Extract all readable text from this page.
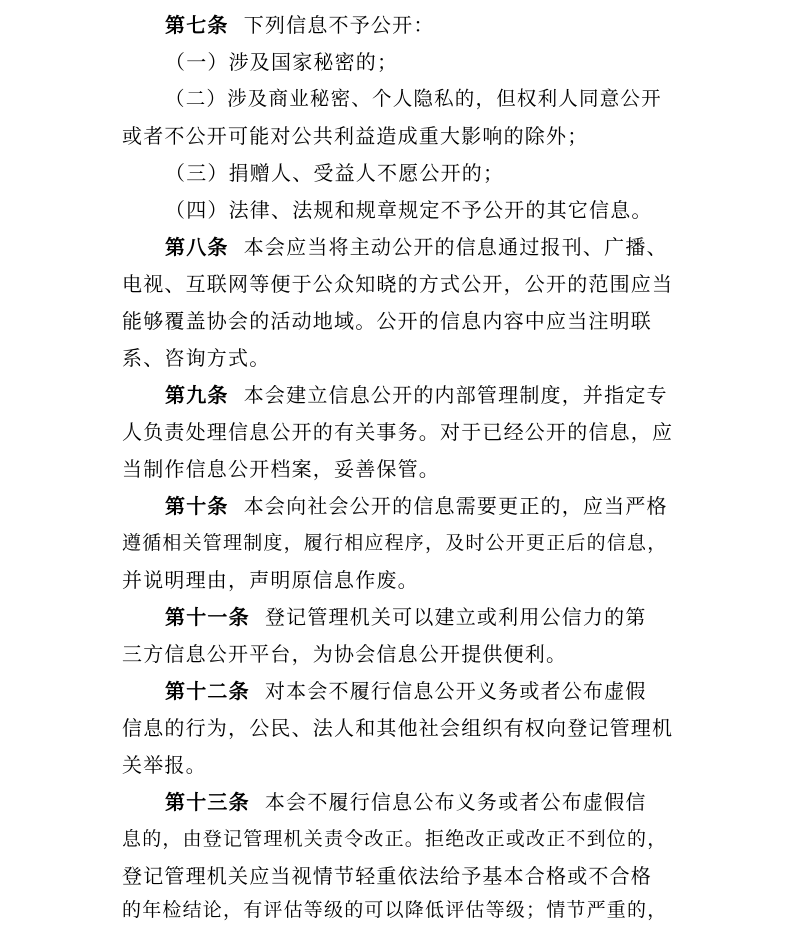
第七条  下列信息不予公开：

（一）涉及国家秘密的；

（二）涉及商业秘密、个人隐私的，但权利人同意公开

或者不公开可能对公共利益造成重大影响的除外；

（三）捐赠人、受益人不愿公开的；

（四）法律、法规和规章规定不予公开的其它信息。

第八条  本会应当将主动公开的信息通过报刊、广播、

电视、互联网等便于公众知晓的方式公开，公开的范围应当

能够覆盖协会的活动地域。公开的信息内容中应当注明联

系、咨询方式。

第九条  本会建立信息公开的内部管理制度，并指定专

人负责处理信息公开的有关事务。对于已经公开的信息，应

当制作信息公开档案，妥善保管。

第十条  本会向社会公开的信息需要更正的，应当严格

遵循相关管理制度，履行相应程序，及时公开更正后的信息，

并说明理由，声明原信息作废。

第十一条  登记管理机关可以建立或利用公信力的第

三方信息公开平台，为协会信息公开提供便利。

第十二条  对本会不履行信息公开义务或者公布虚假

信息的行为，公民、法人和其他社会组织有权向登记管理机

关举报。

第十三条  本会不履行信息公布义务或者公布虚假信

息的，由登记管理机关责令改正。拒绝改正或改正不到位的，

登记管理机关应当视情节轻重依法给予基本合格或不合格

的年检结论，有评估等级的可以降低评估等级；情节严重的，
